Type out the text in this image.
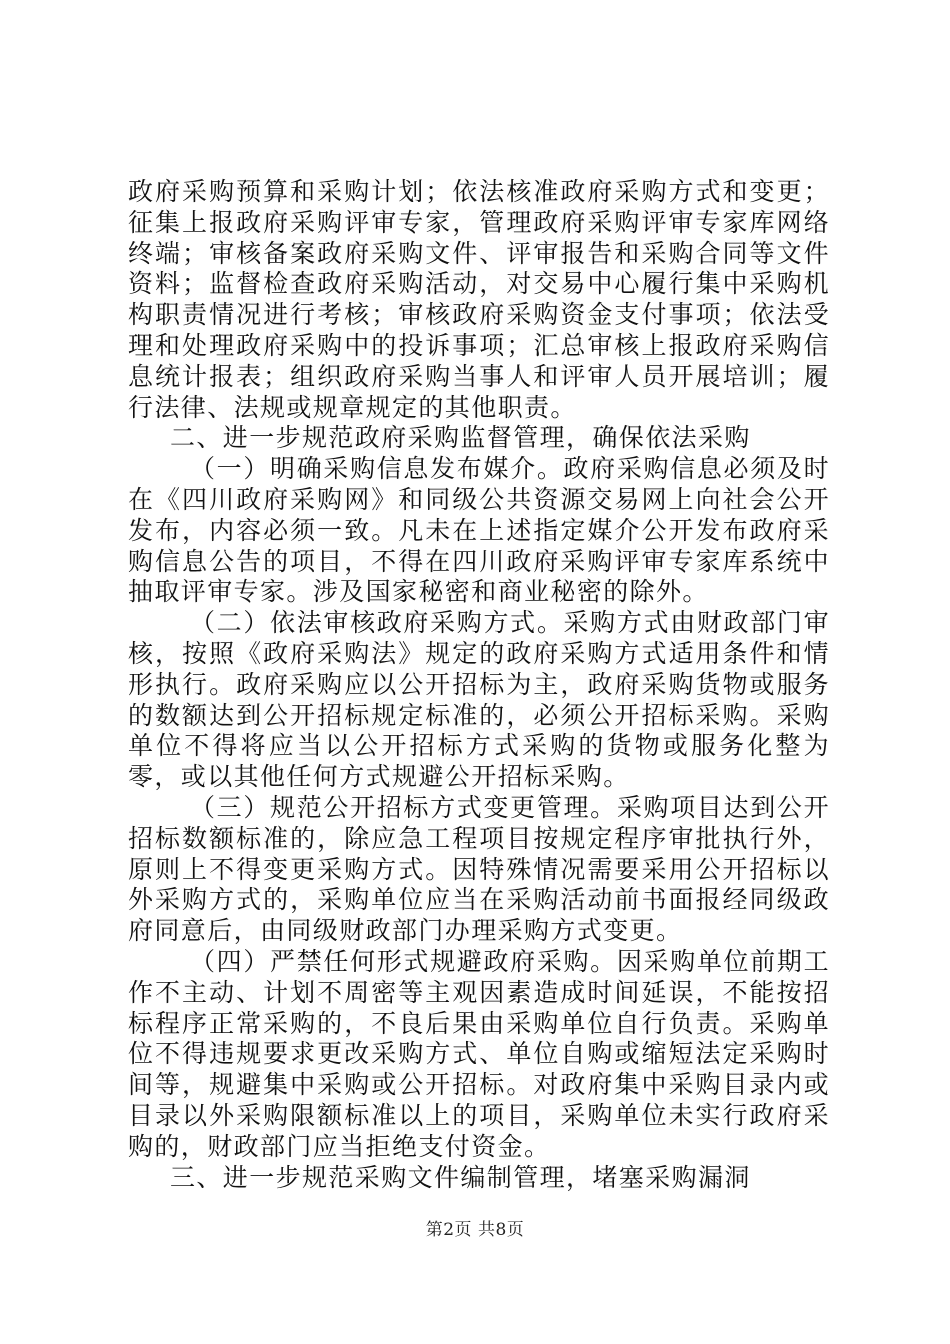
政府采购预算和采购计划；依法核准政府采购方式和变更；征集上报政府采购评审专家，管理政府采购评审专家库网络终端；审核备案政府采购文件、评审报告和采购合同等文件资料；监督检查政府采购活动，对交易中心履行集中采购机构职责情况进行考核；审核政府采购资金支付事项；依法受理和处理政府采购中的投诉事项；汇总审核上报政府采购信息统计报表；组织政府采购当事人和评审人员开展培训；履行法律、法规或规章规定的其他职责。

二、进一步规范政府采购监督管理，确保依法采购

（一）明确采购信息发布媒介。政府采购信息必须及时在《四川政府采购网》和同级公共资源交易网上向社会公开发布，内容必须一致。凡未在上述指定媒介公开发布政府采购信息公告的项目，不得在四川政府采购评审专家库系统中抽取评审专家。涉及国家秘密和商业秘密的除外。

（二）依法审核政府采购方式。采购方式由财政部门审核，按照《政府采购法》规定的政府采购方式适用条件和情形执行。政府采购应以公开招标为主，政府采购货物或服务的数额达到公开招标规定标准的，必须公开招标采购。采购单位不得将应当以公开招标方式采购的货物或服务化整为零，或以其他任何方式规避公开招标采购。

（三）规范公开招标方式变更管理。采购项目达到公开招标数额标准的，除应急工程项目按规定程序审批执行外，原则上不得变更采购方式。因特殊情况需要采用公开招标以外采购方式的，采购单位应当在采购活动前书面报经同级政府同意后，由同级财政部门办理采购方式变更。

（四）严禁任何形式规避政府采购。因采购单位前期工作不主动、计划不周密等主观因素造成时间延误，不能按招标程序正常采购的，不良后果由采购单位自行负责。采购单位不得违规要求更改采购方式、单位自购或缩短法定采购时间等，规避集中采购或公开招标。对政府集中采购目录内或目录以外采购限额标准以上的项目，采购单位未实行政府采购的，财政部门应当拒绝支付资金。

三、进一步规范采购文件编制管理，堵塞采购漏洞

第2页 共8页
